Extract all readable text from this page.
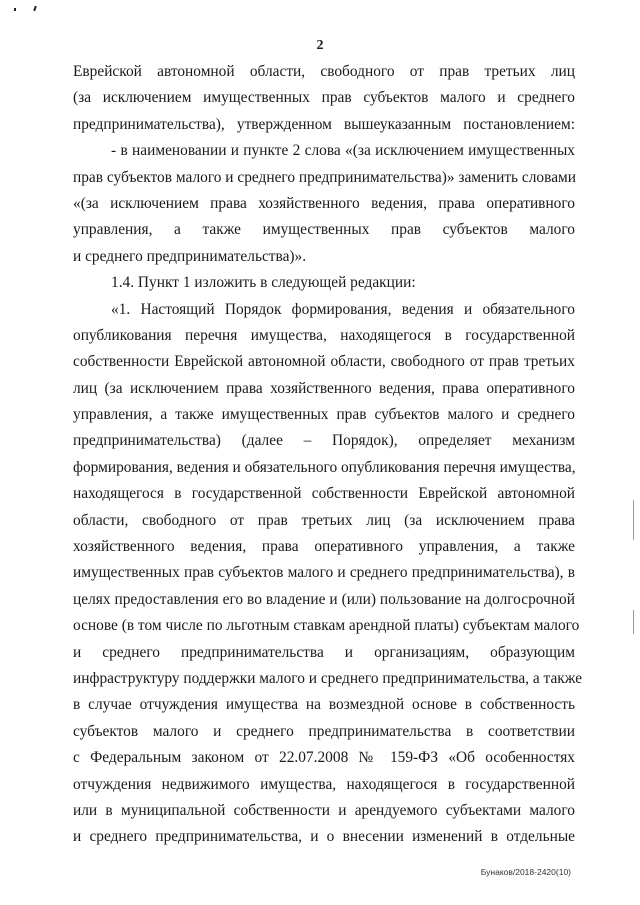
2
Еврейской автономной области, свободного от прав третьих лиц
(за исключением имущественных прав субъектов малого и среднего
предпринимательства), утвержденном вышеуказанным постановлением:
- в наименовании и пункте 2 слова «(за исключением имущественных
прав субъектов малого и среднего предпринимательства)» заменить словами
«(за исключением права хозяйственного ведения, права оперативного
управления, а также имущественных прав субъектов малого
и среднего предпринимательства)».
1.4. Пункт 1 изложить в следующей редакции:
«1. Настоящий Порядок формирования, ведения и обязательного
опубликования перечня имущества, находящегося в государственной
собственности Еврейской автономной области, свободного от прав третьих
лиц (за исключением права хозяйственного ведения, права оперативного
управления, а также имущественных прав субъектов малого и среднего
предпринимательства) (далее – Порядок), определяет механизм
формирования, ведения и обязательного опубликования перечня имущества,
находящегося в государственной собственности Еврейской автономной
области, свободного от прав третьих лиц (за исключением права
хозяйственного ведения, права оперативного управления, а также
имущественных прав субъектов малого и среднего предпринимательства), в
целях предоставления его во владение и (или) пользование на долгосрочной
основе (в том числе по льготным ставкам арендной платы) субъектам малого
и среднего предпринимательства и организациям, образующим
инфраструктуру поддержки малого и среднего предпринимательства, а также
в случае отчуждения имущества на возмездной основе в собственность
субъектов малого и среднего предпринимательства в соответствии
с Федеральным законом от 22.07.2008 № 159-ФЗ «Об особенностях
отчуждения недвижимого имущества, находящегося в государственной
или в муниципальной собственности и арендуемого субъектами малого
и среднего предпринимательства, и о внесении изменений в отдельные
Бунаков/2018-2420(10)
